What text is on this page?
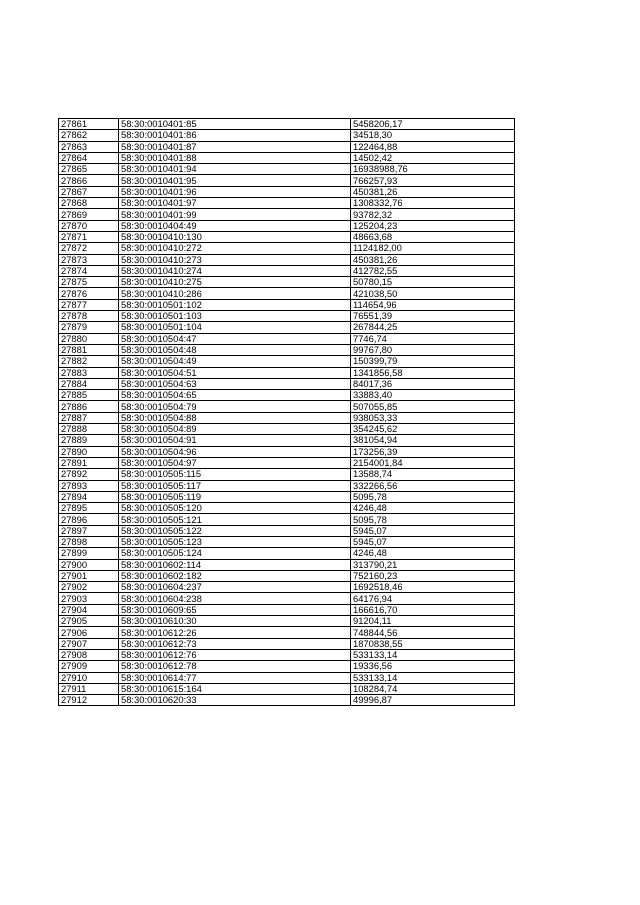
27861	58:30:0010401:85	5458206,17
27862	58:30:0010401:86	34518,30
27863	58:30:0010401:87	122464,88
27864	58:30:0010401:88	14502,42
27865	58:30:0010401:94	16938988,76
27866	58:30:0010401:95	766257,93
27867	58:30:0010401:96	450381,26
27868	58:30:0010401:97	1308332,76
27869	58:30:0010401:99	93782,32
27870	58:30:0010404:49	125204,23
27871	58:30:0010410:130	48663,68
27872	58:30:0010410:272	1124182,00
27873	58:30:0010410:273	450381,26
27874	58:30:0010410:274	412782,55
27875	58:30:0010410:275	50780,15
27876	58:30:0010410:286	421038,50
27877	58:30:0010501:102	114654,96
27878	58:30:0010501:103	76551,39
27879	58:30:0010501:104	267844,25
27880	58:30:0010504:47	7746,74
27881	58:30:0010504:48	99767,80
27882	58:30:0010504:49	150399,79
27883	58:30:0010504:51	1341856,58
27884	58:30:0010504:63	84017,36
27885	58:30:0010504:65	33883,40
27886	58:30:0010504:79	507055,85
27887	58:30:0010504:88	938053,33
27888	58:30:0010504:89	354245,62
27889	58:30:0010504:91	381054,94
27890	58:30:0010504:96	173256,39
27891	58:30:0010504:97	2154001,84
27892	58:30:0010505:115	13588,74
27893	58:30:0010505:117	332266,56
27894	58:30:0010505:119	5095,78
27895	58:30:0010505:120	4246,48
27896	58:30:0010505:121	5095,78
27897	58:30:0010505:122	5945,07
27898	58:30:0010505:123	5945,07
27899	58:30:0010505:124	4246,48
27900	58:30:0010602:114	313790,21
27901	58:30:0010602:182	752160,23
27902	58:30:0010604:237	1692518,46
27903	58:30:0010604:238	64176,94
27904	58:30:0010609:65	166616,70
27905	58:30:0010610:30	91204,11
27906	58:30:0010612:26	748844,56
27907	58:30:0010612:73	1870838,55
27908	58:30:0010612:76	533133,14
27909	58:30:0010612:78	19336,56
27910	58:30:0010614:77	533133,14
27911	58:30:0010615:164	108284,74
27912	58:30:0010620:33	49996,87
